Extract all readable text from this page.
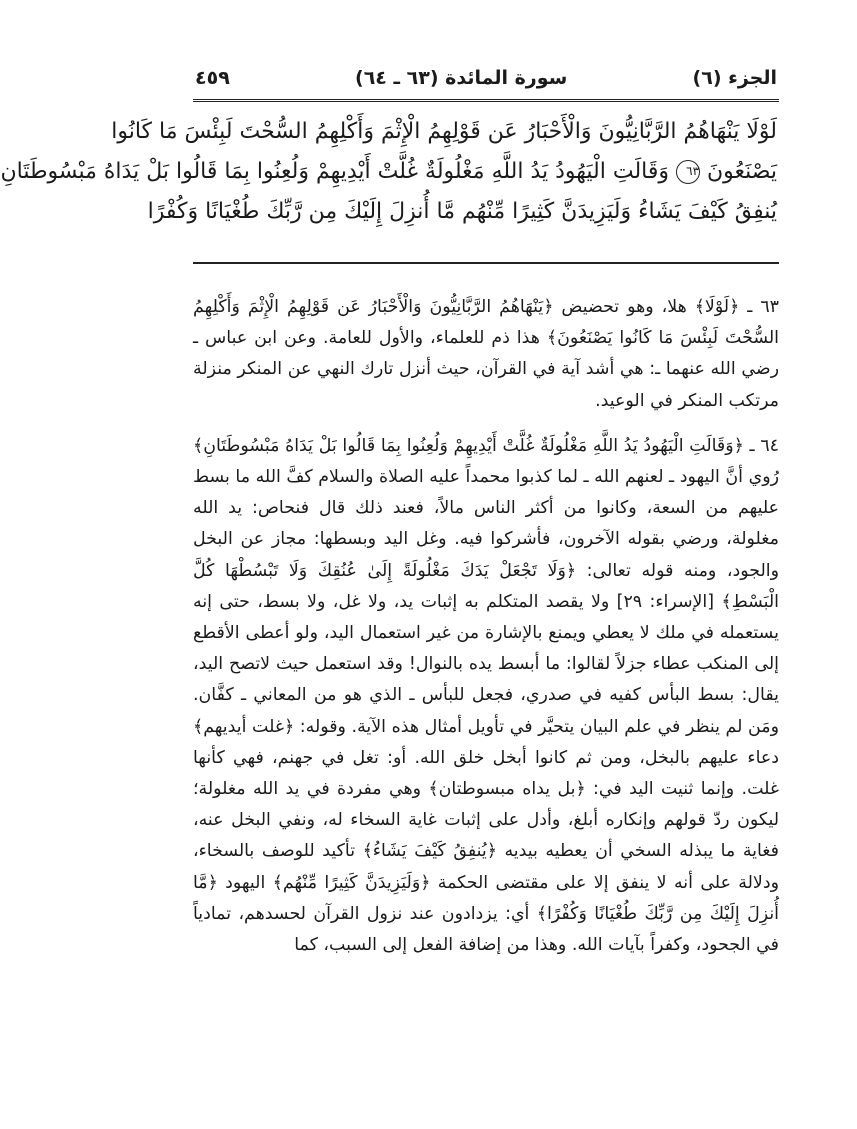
الجزء (٦)
سورة المائدة (٦٣ ـ ٦٤)
٤٥٩
لَوْلَا يَنْهَاهُمُ الرَّبَّانِيُّونَ وَالْأَحْبَارُ عَن قَوْلِهِمُ الْإِثْمَ وَأَكْلِهِمُ السُّحْتَ لَبِئْسَ مَا كَانُوا
يَصْنَعُونَ ٦٣ وَقَالَتِ الْيَهُودُ يَدُ اللَّهِ مَغْلُولَةٌ غُلَّتْ أَيْدِيهِمْ وَلُعِنُوا بِمَا قَالُوا بَلْ يَدَاهُ مَبْسُوطَتَانِ
يُنفِقُ كَيْفَ يَشَاءُ وَلَيَزِيدَنَّ كَثِيرًا مِّنْهُم مَّا أُنزِلَ إِلَيْكَ مِن رَّبِّكَ طُغْيَانًا وَكُفْرًا

٦٣ ـ ﴿لَوْلَا﴾ هلا، وهو تحضيض ﴿يَنْهَاهُمُ الرَّبَّانِيُّونَ وَالْأَحْبَارُ عَن قَوْلِهِمُ الْإِثْمَ وَأَكْلِهِمُ السُّحْتَ لَبِئْسَ مَا كَانُوا يَصْنَعُونَ﴾ هذا ذم للعلماء، والأول للعامة. وعن ابن عباس ـ رضي الله عنهما ـ: هي أشد آية في القرآن، حيث أنزل تارك النهي عن المنكر منزلة مرتكب المنكر في الوعيد.

٦٤ ـ ﴿وَقَالَتِ الْيَهُودُ يَدُ اللَّهِ مَغْلُولَةٌ غُلَّتْ أَيْدِيهِمْ وَلُعِنُوا بِمَا قَالُوا بَلْ يَدَاهُ مَبْسُوطَتَانِ﴾ رُوي أنَّ اليهود ـ لعنهم الله ـ لما كذبوا محمداً عليه الصلاة والسلام كفَّ الله ما بسط عليهم من السعة، وكانوا من أكثر الناس مالاً، فعند ذلك قال فنحاص: يد الله مغلولة، ورضي بقوله الآخرون، فأشركوا فيه. وغل اليد وبسطها: مجاز عن البخل والجود، ومنه قوله تعالى: ﴿وَلَا تَجْعَلْ يَدَكَ مَغْلُولَةً إِلَىٰ عُنُقِكَ وَلَا تَبْسُطْهَا كُلَّ الْبَسْطِ﴾ [الإسراء: ٢٩] ولا يقصد المتكلم به إثبات يد، ولا غل، ولا بسط، حتى إنه يستعمله في ملك لا يعطي ويمنع بالإشارة من غير استعمال اليد، ولو أعطى الأقطع إلى المنكب عطاء جزلاً لقالوا: ما أبسط يده بالنوال! وقد استعمل حيث لاتصح اليد، يقال: بسط البأس كفيه في صدري، فجعل للبأس ـ الذي هو من المعاني ـ كفَّان. ومَن لم ينظر في علم البيان يتحيَّر في تأويل أمثال هذه الآية. وقوله: ﴿غلت أيديهم﴾ دعاء عليهم بالبخل، ومن ثم كانوا أبخل خلق الله. أو: تغل في جهنم، فهي كأنها غلت. وإنما ثنيت اليد في: ﴿بل يداه مبسوطتان﴾ وهي مفردة في يد الله مغلولة؛ ليكون ردّ قولهم وإنكاره أبلغ، وأدل على إثبات غاية السخاء له، ونفي البخل عنه، فغاية ما يبذله السخي أن يعطيه بيديه ﴿يُنفِقُ كَيْفَ يَشَاءُ﴾ تأكيد للوصف بالسخاء، ودلالة على أنه لا ينفق إلا على مقتضى الحكمة ﴿وَلَيَزِيدَنَّ كَثِيرًا مِّنْهُم﴾ اليهود ﴿مَّا أُنزِلَ إِلَيْكَ مِن رَّبِّكَ طُغْيَانًا وَكُفْرًا﴾ أي: يزدادون عند نزول القرآن لحسدهم، تمادياً في الجحود، وكفراً بآيات الله. وهذا من إضافة الفعل إلى السبب، كما
